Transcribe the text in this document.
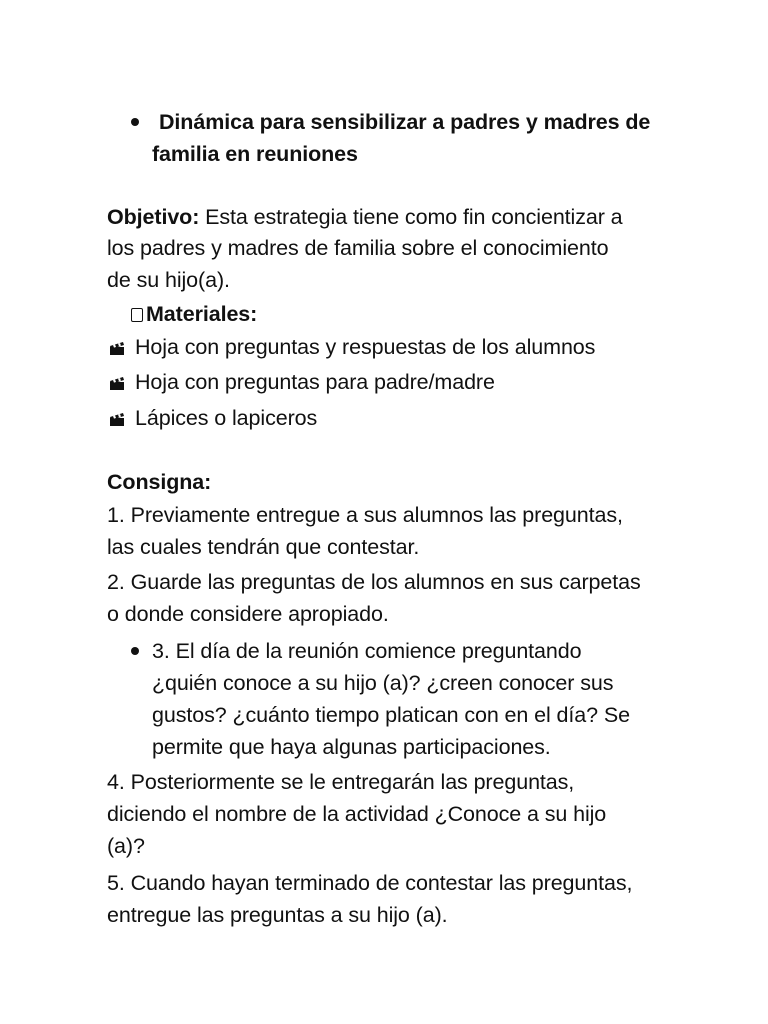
Dinámica para sensibilizar a padres y madres de
familia en reuniones
Objetivo: Esta estrategia tiene como fin concientizar a
los padres y madres de familia sobre el conocimiento
de su hijo(a).
Materiales:
Hoja con preguntas y respuestas de los alumnos
Hoja con preguntas para padre/madre
Lápices o lapiceros
Consigna:
1. Previamente entregue a sus alumnos las preguntas,
las cuales tendrán que contestar.
2. Guarde las preguntas de los alumnos en sus carpetas
o donde considere apropiado.
3. El día de la reunión comience preguntando
¿quién conoce a su hijo (a)? ¿creen conocer sus
gustos? ¿cuánto tiempo platican con en el día? Se
permite que haya algunas participaciones.
4. Posteriormente se le entregarán las preguntas,
diciendo el nombre de la actividad ¿Conoce a su hijo
(a)?
5. Cuando hayan terminado de contestar las preguntas,
entregue las preguntas a su hijo (a).
